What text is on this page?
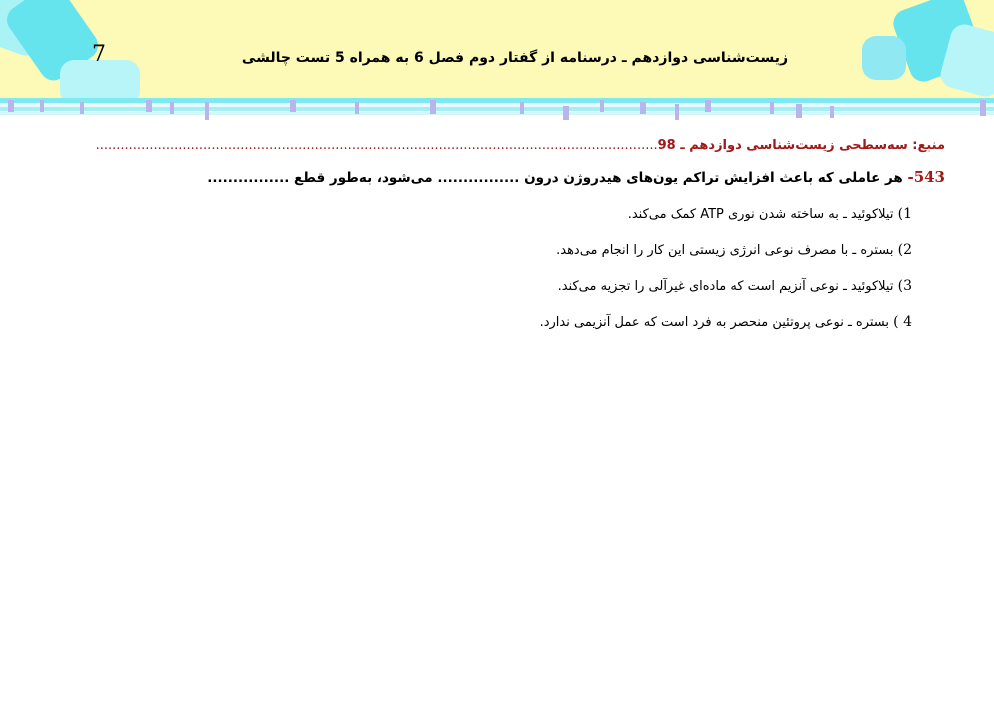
7	زیست‌شناسی دوازدهم ـ درسنامه از گفتار دوم فصل 6 به همراه 5 تست چالشی
منبع: سه‌سطحی زیست‌شناسی دوازدهم ـ 98........................................................................................................................................
543- هر عاملی که باعث افزایش تراکم یون‌های هیدروژن درون ................ می‌شود، به‌طور قطع ................
1) تیلاکوئید ـ به ساخته شدن نوری ATP کمک می‌کند.
2) بستره ـ با مصرف نوعی انرژی زیستی این کار را انجام می‌دهد.
3) تیلاکوئید ـ نوعی آنزیم است که ماده‌ای غیرآلی را تجزیه می‌کند.
4 ) بستره ـ نوعی پروتئین منحصر به فرد است که عمل آنزیمی ندارد.
